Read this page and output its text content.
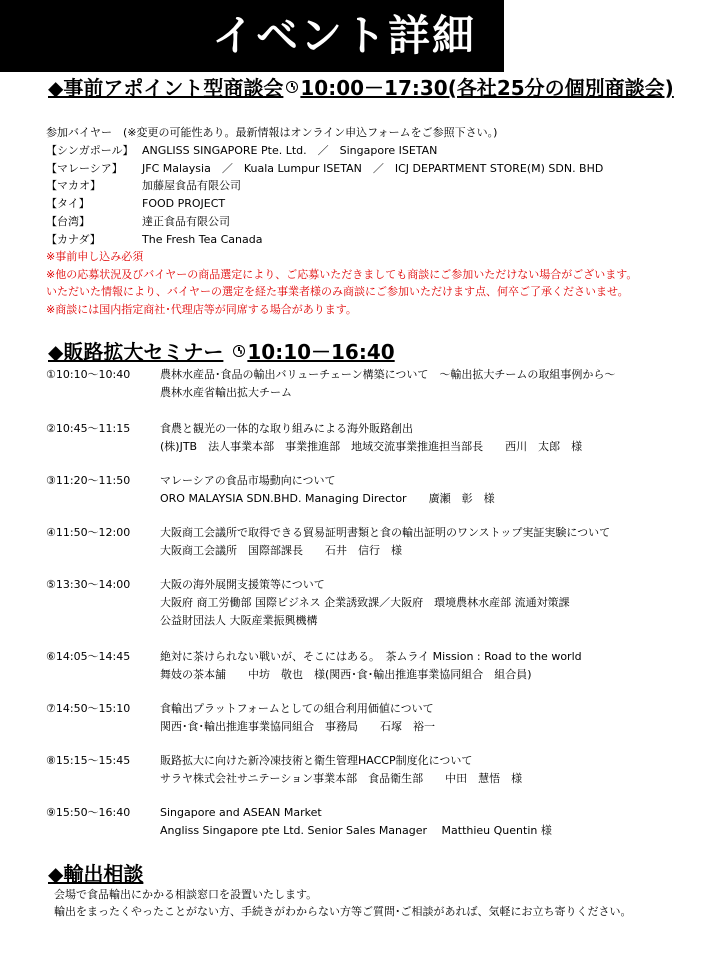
イベント詳細
◆事前アポイント型商談会 10:00－17:30(各社25分の個別商談会)
参加バイヤー　(※変更の可能性あり。最新情報はオンライン申込フォームをご参照下さい。)
【シンガポール】 ANGLISS SINGAPORE Pte. Ltd.　／　Singapore ISETAN
【マレーシア】 JFC Malaysia　／　Kuala Lumpur ISETAN　／　ICJ DEPARTMENT STORE(M) SDN. BHD
【マカオ】	加藤屋食品有限公司
【タイ】	FOOD PROJECT
【台湾】	達正食品有限公司
【カナダ】	The Fresh Tea Canada
※事前申し込み必須
※他の応募状況及びバイヤーの商品選定により、ご応募いただきましても商談にご参加いただけない場合がございます。
いただいた情報により、バイヤーの選定を経た事業者様のみ商談にご参加いただけます点、何卒ご了承くださいませ。
※商談には国内指定商社･代理店等が同席する場合があります。
◆販路拡大セミナー 10:10－16:40
①10:10～10:40	農林水産品･食品の輸出バリューチェーン構築について　～輸出拡大チームの取組事例から～
農林水産省輸出拡大チーム
②10:45～11:15	食農と観光の一体的な取り組みによる海外販路創出
(株)JTB　法人事業本部　事業推進部　地域交流事業推進担当部長　　西川　太郎　様
③11:20～11:50	マレーシアの食品市場動向について
ORO MALAYSIA SDN.BHD. Managing Director　　廣瀬　彰　様
④11:50～12:00	大阪商工会議所で取得できる貿易証明書類と食の輸出証明のワンストップ実証実験について
大阪商工会議所　国際部課長　　石井　信行　様
⑤13:30～14:00	大阪の海外展開支援策等について
大阪府 商工労働部 国際ビジネス 企業誘致課／大阪府　環境農林水産部 流通対策課
公益財団法人 大阪産業振興機構
⑥14:05～14:45	絶対に茶けられない戦いが、そこにはある。　茶ムライ Mission : Road to the world
舞妓の茶本舗　　中坊　敬也　様(関西･食･輸出推進事業協同組合　組合員)
⑦14:50～15:10	食輸出プラットフォームとしての組合利用価値について
関西･食･輸出推進事業協同組合　事務局　　石塚　裕一
⑧15:15～15:45	販路拡大に向けた新冷凍技術と衛生管理HACCP制度化について
サラヤ株式会社サニテーション事業本部　食品衛生部　　中田　慧悟　様
⑨15:50～16:40	Singapore and ASEAN Market
Angliss Singapore pte Ltd. Senior Sales Manager　 Matthieu Quentin 様
◆輸出相談
会場で食品輸出にかかる相談窓口を設置いたします。
輸出をまったくやったことがない方、手続きがわからない方等ご質問･ご相談があれば、気軽にお立ち寄りください。
